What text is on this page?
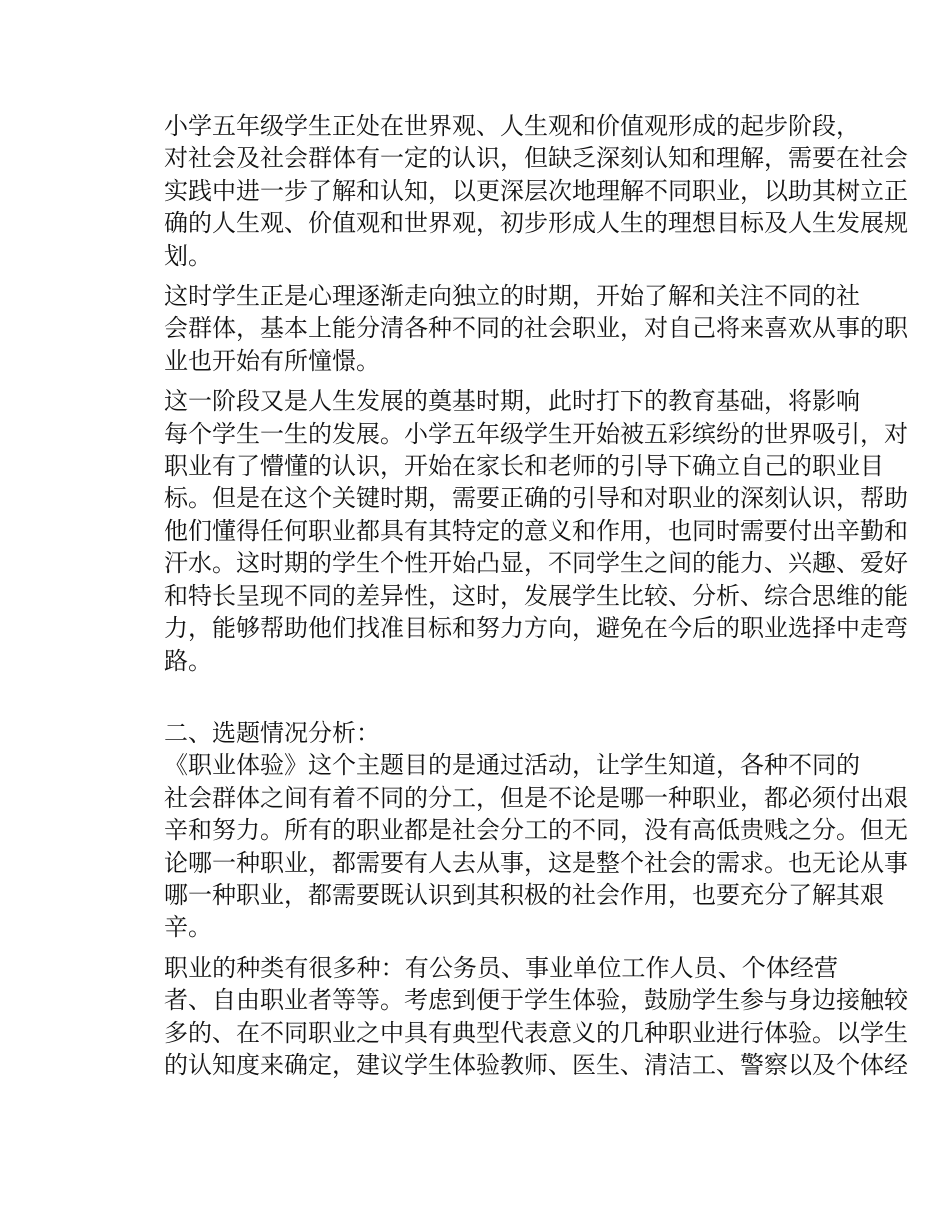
小学五年级学生正处在世界观、人生观和价值观形成的起步阶段，
对社会及社会群体有一定的认识，但缺乏深刻认知和理解，需要在社会
实践中进一步了解和认知，以更深层次地理解不同职业，以助其树立正
确的人生观、价值观和世界观，初步形成人生的理想目标及人生发展规
划。

这时学生正是心理逐渐走向独立的时期，开始了解和关注不同的社
会群体，基本上能分清各种不同的社会职业，对自己将来喜欢从事的职
业也开始有所憧憬。

这一阶段又是人生发展的奠基时期，此时打下的教育基础，将影响
每个学生一生的发展。小学五年级学生开始被五彩缤纷的世界吸引，对
职业有了懵懂的认识，开始在家长和老师的引导下确立自己的职业目
标。但是在这个关键时期，需要正确的引导和对职业的深刻认识，帮助
他们懂得任何职业都具有其特定的意义和作用，也同时需要付出辛勤和
汗水。这时期的学生个性开始凸显，不同学生之间的能力、兴趣、爱好
和特长呈现不同的差异性，这时，发展学生比较、分析、综合思维的能
力，能够帮助他们找准目标和努力方向，避免在今后的职业选择中走弯
路。

二、选题情况分析：

《职业体验》这个主题目的是通过活动，让学生知道，各种不同的
社会群体之间有着不同的分工，但是不论是哪一种职业，都必须付出艰
辛和努力。所有的职业都是社会分工的不同，没有高低贵贱之分。但无
论哪一种职业，都需要有人去从事，这是整个社会的需求。也无论从事
哪一种职业，都需要既认识到其积极的社会作用，也要充分了解其艰
辛。

职业的种类有很多种：有公务员、事业单位工作人员、个体经营
者、自由职业者等等。考虑到便于学生体验，鼓励学生参与身边接触较
多的、在不同职业之中具有典型代表意义的几种职业进行体验。以学生
的认知度来确定，建议学生体验教师、医生、清洁工、警察以及个体经
